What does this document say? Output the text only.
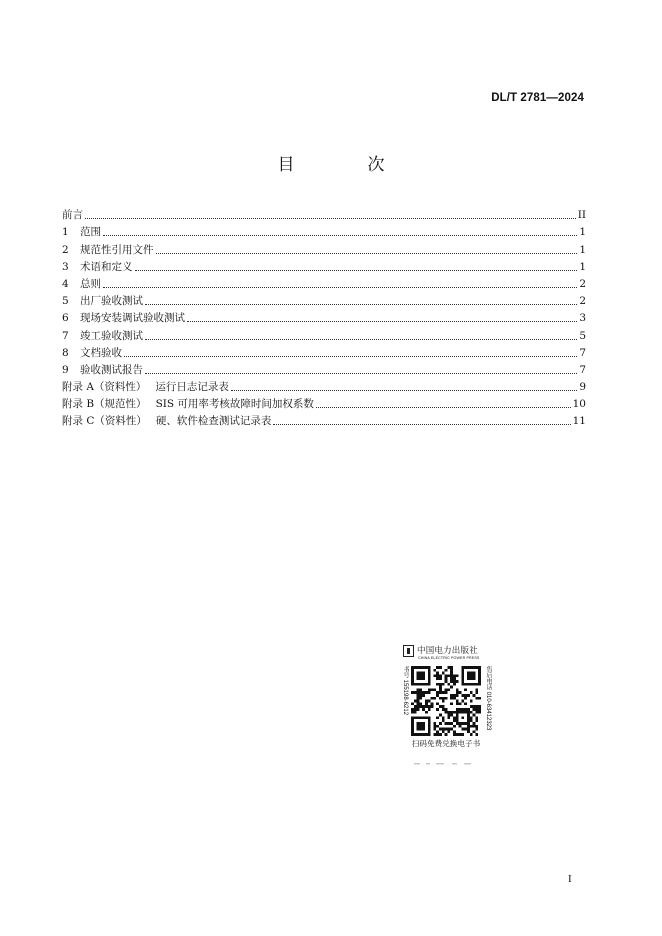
DL/T 2781—2024
目　次
前言	II
1	范围	1
2	规范性引用文件	1
3	术语和定义	1
4	总则	2
5	出厂验收测试	2
6	现场安装调试验收测试	3
7	竣工验收测试	5
8	文档验收	7
9	验收测试报告	7
附录 A（资料性） 运行日志记录表	9
附录 B（规范性） SIS 可用率考核故障时间加权系数	10
附录 C（资料性） 硬、软件检查测试记录表	11
中国电力出版社
CHINA ELECTRIC POWER PRESS
书号 155198·6212	售后电话 010-63412323
扫码免费兑换电子书
I
